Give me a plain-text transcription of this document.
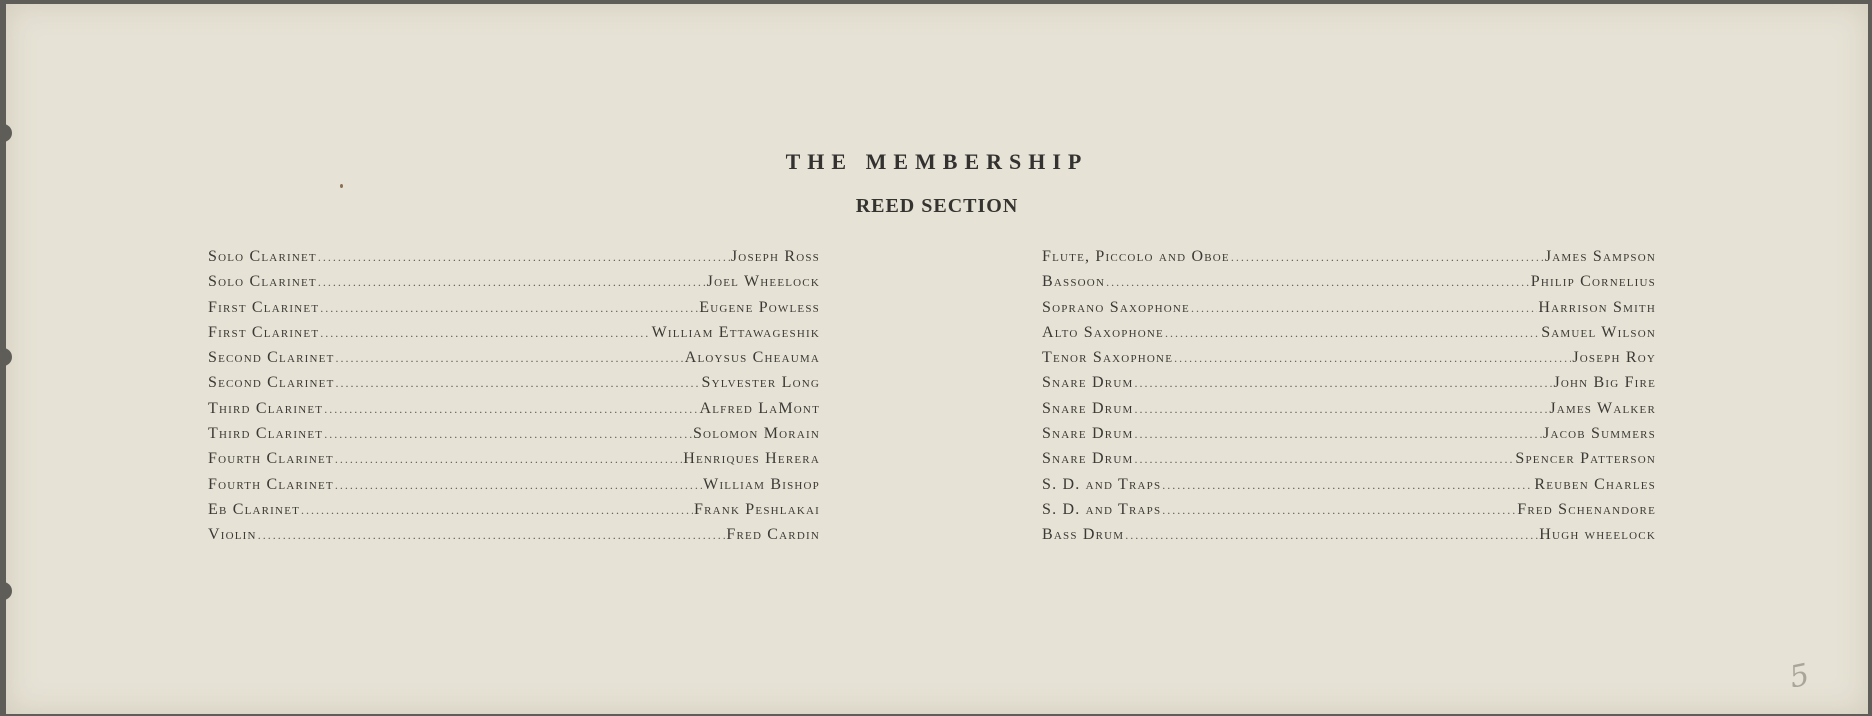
THE MEMBERSHIP
REED SECTION
Solo Clarinet .....	Joseph Ross
Solo Clarinet .....	Joel Wheelock
First Clarinet .....	Eugene Powless
First Clarinet .....	William Ettawageshik
Second Clarinet .....	Aloysus Cheauma
Second Clarinet .....	Sylvester Long
Third Clarinet .....	Alfred LaMont
Third Clarinet .....	Solomon Morain
Fourth Clarinet .....	Henriques Herera
Fourth Clarinet .....	William Bishop
Eb Clarinet .....	Frank Peshlakai
Violin .....	Fred Cardin
Flute, Piccolo and Oboe .....	James Sampson
Bassoon .....	Philip Cornelius
Soprano Saxophone .....	Harrison Smith
Alto Saxophone .....	Samuel Wilson
Tenor Saxophone .....	Joseph Roy
Snare Drum .....	John Big Fire
Snare Drum .....	James Walker
Snare Drum .....	Jacob Summers
Snare Drum .....	Spencer Patterson
S. D. and Traps .....	Reuben Charles
S. D. and Traps .....	Fred Schenandore
Bass Drum .....	Hugh wheelock
5
